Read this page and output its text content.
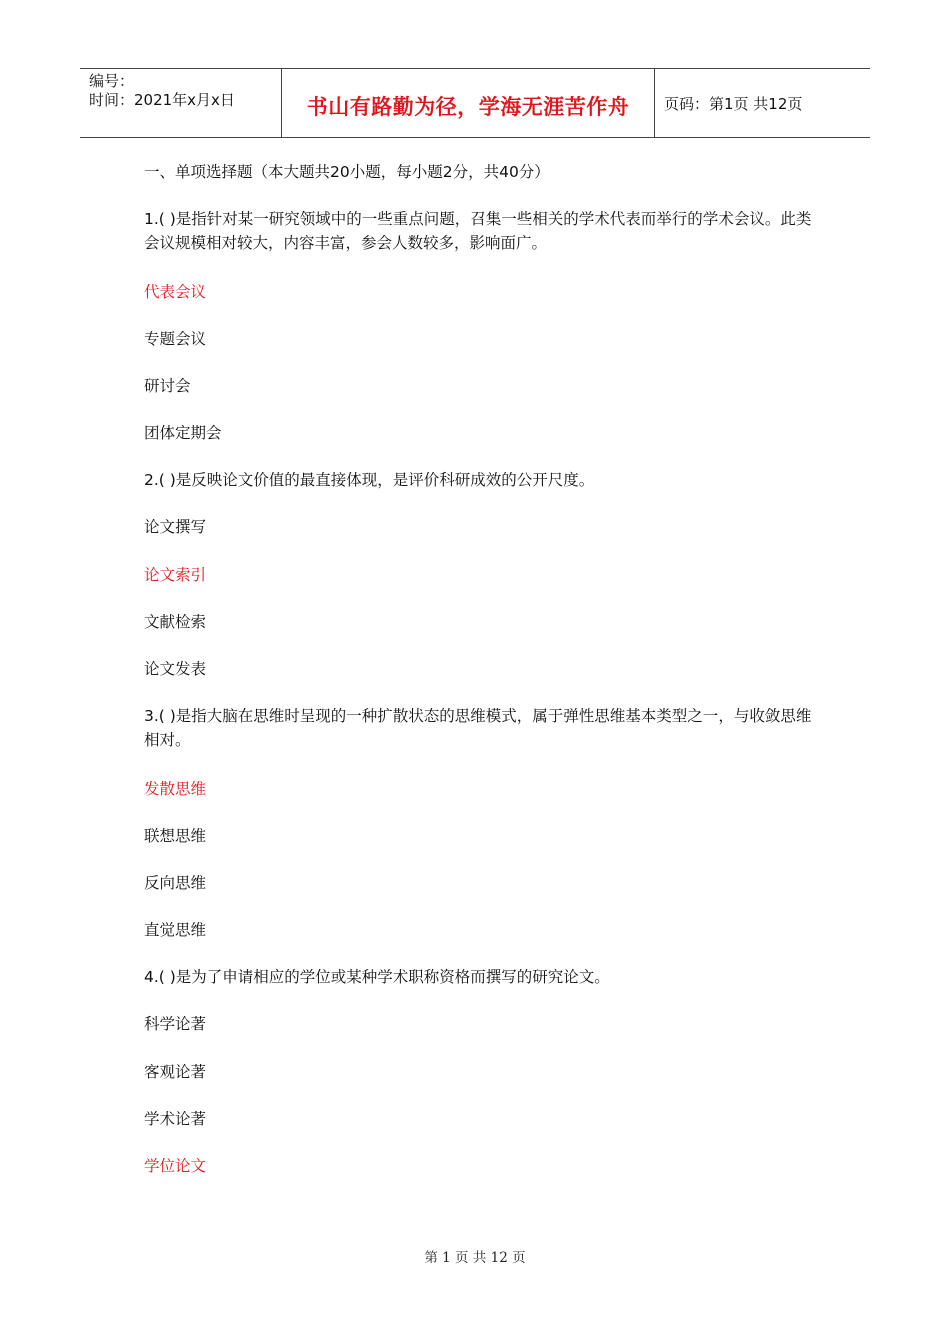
编号：
时间：2021年x月x日	书山有路勤为径，学海无涯苦作舟	页码：第1页 共12页
一、单项选择题（本大题共20小题，每小题2分，共40分）
1.( )是指针对某一研究领域中的一些重点问题，召集一些相关的学术代表而举行的学术会议。此类会议规模相对较大，内容丰富，参会人数较多，影响面广。
代表会议
专题会议
研讨会
团体定期会
2.( )是反映论文价值的最直接体现，是评价科研成效的公开尺度。
论文撰写
论文索引
文献检索
论文发表
3.( )是指大脑在思维时呈现的一种扩散状态的思维模式，属于弹性思维基本类型之一，与收敛思维相对。
发散思维
联想思维
反向思维
直觉思维
4.( )是为了申请相应的学位或某种学术职称资格而撰写的研究论文。
科学论著
客观论著
学术论著
学位论文
第 1 页 共 12 页
